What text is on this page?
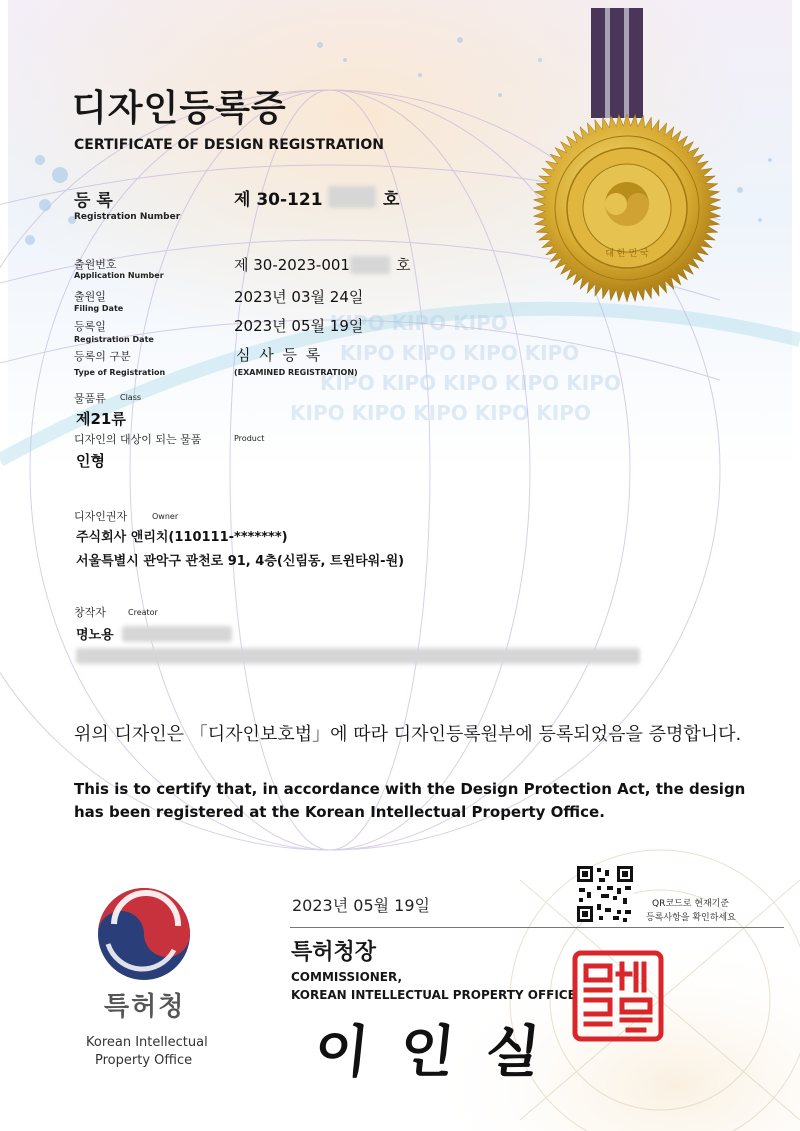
KIPO KIPO KIPO
KIPO KIPO KIPO KIPO
KIPO KIPO KIPO KIPO KIPO
KIPO KIPO KIPO KIPO KIPO
대 한 민 국
디자인등록증
CERTIFICATE OF DESIGN REGISTRATION
등 록
Registration Number
제 30-121	호
출원번호
Application Number
제 30-2023-001	호
출원일
Filing Date
2023년 03월 24일
등록일
Registration Date
2023년 05월 19일
등록의 구분
Type of Registration
심 사 등 록
(EXAMINED REGISTRATION)
물품류 Class
제21류
디자인의 대상이 되는 물품	Product
인형
디자인권자	Owner
주식회사 앤리치(110111-*******)
서울특별시 관악구 관천로 91, 4층(신림동, 트윈타워-원)
창작자	Creator
명노용
위의 디자인은 「디자인보호법」에 따라 디자인등록원부에 등록되었음을 증명합니다.
This is to certify that, in accordance with the Design Protection Act, the design has been registered at the Korean Intellectual Property Office.
특허청
Korean Intellectual
Property Office
2023년 05월 19일	QR코드로 현재기준
등록사항을 확인하세요
특허청장
COMMISSIONER,
KOREAN INTELLECTUAL PROPERTY OFFICE
이 인 실
